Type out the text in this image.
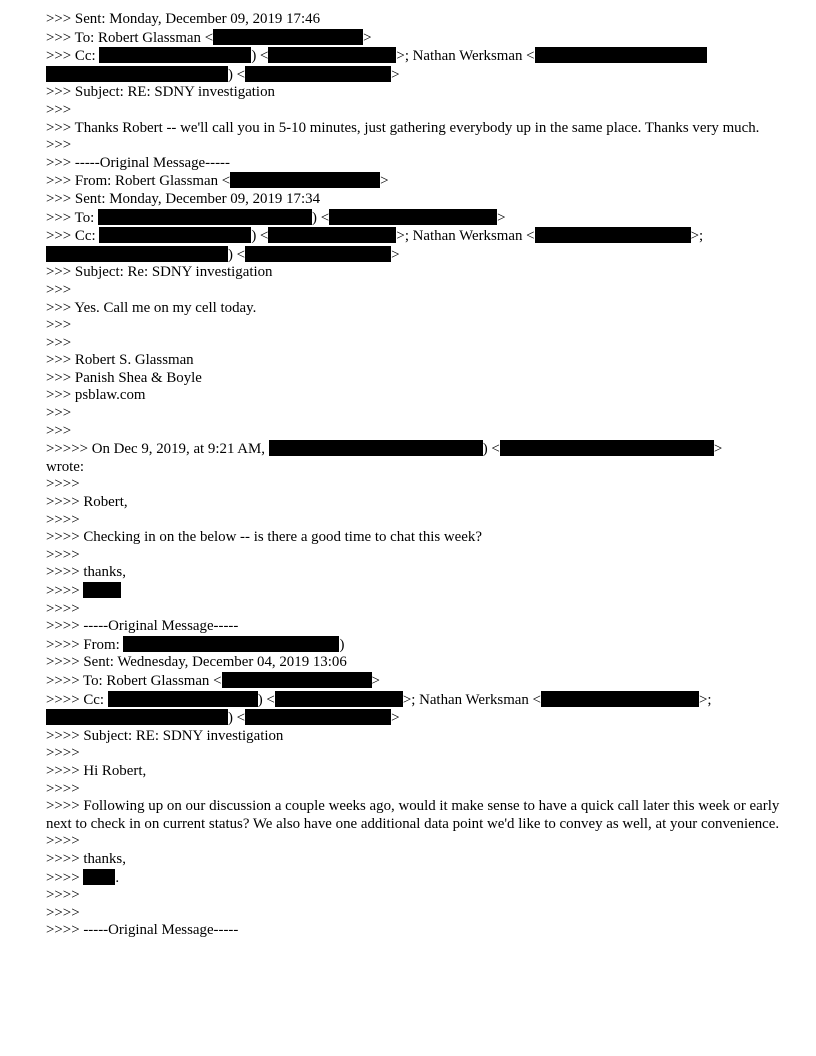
>>> Sent: Monday, December 09, 2019 17:46
>>> To: Robert Glassman <	>
>>> Cc:	) <	>; Nathan Werksman <
) <	>
>>> Subject: RE: SDNY investigation
>>>
>>> Thanks Robert -- we'll call you in 5-10 minutes, just gathering everybody up in the same place. Thanks very much.
>>>
>>> -----Original Message-----
>>> From: Robert Glassman <	>
>>> Sent: Monday, December 09, 2019 17:34
>>> To:	) <	>
>>> Cc:	) <	>; Nathan Werksman <	>;
) <	>
>>> Subject: Re: SDNY investigation
>>>
>>> Yes. Call me on my cell today.
>>>
>>>
>>> Robert S. Glassman
>>> Panish Shea & Boyle
>>> psblaw.com
>>>
>>>
>>>>> On Dec 9, 2019, at 9:21 AM,	) <	>
wrote:
>>>>
>>>> Robert,
>>>>
>>>> Checking in on the below -- is there a good time to chat this week?
>>>>
>>>> thanks,
>>>>
>>>>
>>>> -----Original Message-----
>>>> From:	)
>>>> Sent: Wednesday, December 04, 2019 13:06
>>>> To: Robert Glassman <	>
>>>> Cc:	) <	>; Nathan Werksman <	>;
) <	>
>>>> Subject: RE: SDNY investigation
>>>>
>>>> Hi Robert,
>>>>
>>>> Following up on our discussion a couple weeks ago, would it make sense to have a quick call later this week or early next to check in on current status? We also have one additional data point we'd like to convey as well, at your convenience.
>>>>
>>>> thanks,
>>>> .
>>>>
>>>>
>>>> -----Original Message-----
